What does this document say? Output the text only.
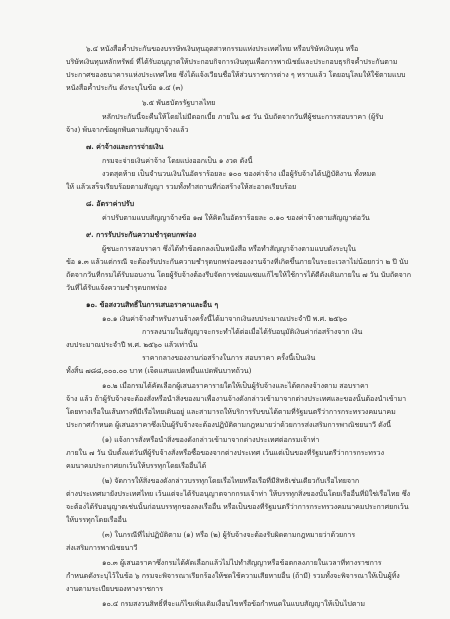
๖.๔ หนังสือค้ำประกันของบรรษัทเงินทุนอุตสาหกรรมแห่งประเทศไทย หรือบริษัทเงินทุน หรือ
บริษัทเงินทุนหลักทรัพย์ ที่ได้รับอนุญาตให้ประกอบกิจการเงินทุนเพื่อการพาณิชย์และประกอบธุรกิจค้ำประกันตาม
ประกาศของธนาคารแห่งประเทศไทย ซึ่งได้แจ้งเวียนชื่อให้ส่วนราชการต่าง ๆ ทราบแล้ว โดยอนุโลมให้ใช้ตามแบบ
หนังสือค้ำประกัน ดังระบุในข้อ ๑.๔ (๓)
๖.๕ พันธบัตรรัฐบาลไทย
หลักประกันนี้จะคืนให้โดยไม่มีดอกเบี้ย ภายใน ๑๕ วัน นับถัดจากวันที่ผู้ชนะการสอบราคา (ผู้รับ
จ้าง) พ้นจากข้อผูกพันตามสัญญาจ้างแล้ว
๗. ค่าจ้างและการจ่ายเงิน
กรมจะจ่ายเงินค่าจ้าง โดยแบ่งออกเป็น ๑ งวด ดังนี้
งวดสุดท้าย เป็นจำนวนเงินในอัตราร้อยละ ๑๐๐ ของค่าจ้าง เมื่อผู้รับจ้างได้ปฏิบัติงาน ทั้งหมด
ให้ แล้วเสร็จเรียบร้อยตามสัญญา รวมทั้งทำสถานที่ก่อสร้างให้สะอาดเรียบร้อย
๘. อัตราค่าปรับ
ค่าปรับตามแบบสัญญาจ้างข้อ ๑๗ ให้คิดในอัตราร้อยละ ๐.๑๐ ของค่าจ้างตามสัญญาต่อวัน
๙. การรับประกันความชำรุดบกพร่อง
ผู้ชนะการสอบราคา ซึ่งได้ทำข้อตกลงเป็นหนังสือ หรือทำสัญญาจ้างตามแบบดังระบุใน
ข้อ ๑.๓ แล้วแต่กรณี จะต้องรับประกันความชำรุดบกพร่องของงานจ้างที่เกิดขึ้นภายในระยะเวลาไม่น้อยกว่า ๒ ปี นับ
ถัดจากวันที่กรมได้รับมอบงาน โดยผู้รับจ้างต้องรีบจัดการซ่อมแซมแก้ไขให้ใช้การได้ดีดังเดิมภายใน ๗ วัน นับถัดจาก
วันที่ได้รับแจ้งความชำรุดบกพร่อง
๑๐. ข้อสงวนสิทธิ์ในการเสนอราคาและอื่น ๆ
๑๐.๑ เงินค่าจ้างสำหรับงานจ้างครั้งนี้ได้มาจากเงินงบประมาณประจำปี พ.ศ. ๒๕๖๐
การลงนามในสัญญาจะกระทำได้ต่อเมื่อได้รับอนุมัติเงินค่าก่อสร้างจาก เงิน
งบประมาณประจำปี พ.ศ. ๒๕๖๐ แล้วเท่านั้น
ราคากลางของงานก่อสร้างในการ สอบราคา ครั้งนี้เป็นเงิน
ทั้งสิ้น ๗๘๘,๐๐๐.๐๐ บาท (เจ็ดแสนแปดหมื่นแปดพันบาทถ้วน)
๑๐.๒ เมื่อกรมได้คัดเลือกผู้เสนอราคารายใดให้เป็นผู้รับจ้างและได้ตกลงจ้างตาม สอบราคา
จ้าง แล้ว ถ้าผู้รับจ้างจะต้องสั่งหรือนำสิ่งของมาเพื่องานจ้างดังกล่าวเข้ามาจากต่างประเทศและของนั้นต้องนำเข้ามา
โดยทางเรือในเส้นทางที่มีเรือไทยเดินอยู่ และสามารถให้บริการรับขนได้ตามที่รัฐมนตรีว่าการกระทรวงคมนาคม
ประกาศกำหนด ผู้เสนอราคาซึ่งเป็นผู้รับจ้างจะต้องปฏิบัติตามกฎหมายว่าด้วยการส่งเสริมการพาณิชยนาวี ดังนี้
(๑) แจ้งการสั่งหรือนำสิ่งของดังกล่าวเข้ามาจากต่างประเทศต่อกรมเจ้าท่า
ภายใน ๗ วัน นับตั้งแต่วันที่ผู้รับจ้างสั่งหรือซื้อของจากต่างประเทศ เว้นแต่เป็นของที่รัฐมนตรีว่าการกระทรวง
คมนาคมประกาศยกเว้นให้บรรทุกโดยเรืออื่นได้
(๒) จัดการให้สิ่งของดังกล่าวบรรทุกโดยเรือไทยหรือเรือที่มีสิทธิเช่นเดียวกับเรือไทยจาก
ต่างประเทศมายังประเทศไทย เว้นแต่จะได้รับอนุญาตจากกรมเจ้าท่า ให้บรรทุกสิ่งของนั้นโดยเรืออื่นที่มิใช่เรือไทย ซึ่ง
จะต้องได้รับอนุญาตเช่นนั้นก่อนบรรทุกของลงเรืออื่น หรือเป็นของที่รัฐมนตรีว่าการกระทรวงคมนาคมประกาศยกเว้น
ให้บรรทุกโดยเรืออื่น
(๓) ในกรณีที่ไม่ปฏิบัติตาม (๑) หรือ (๒) ผู้รับจ้างจะต้องรับผิดตามกฎหมายว่าด้วยการ
ส่งเสริมการพาณิชยนาวี
๑๐.๓ ผู้เสนอราคาซึ่งกรมได้คัดเลือกแล้วไม่ไปทำสัญญาหรือข้อตกลงภายในเวลาที่ทางราชการ
กำหนดดังระบุไว้ในข้อ ๖ กรมจะพิจารณาเรียกร้องให้ชดใช้ความเสียหายอื่น (ถ้ามี) รวมทั้งจะพิจารณาให้เป็นผู้ทิ้ง
งานตามระเบียบของทางราชการ
๑๐.๔ กรมสงวนสิทธิ์ที่จะแก้ไขเพิ่มเติมเงื่อนไขหรือข้อกำหนดในแบบสัญญาให้เป็นไปตาม
